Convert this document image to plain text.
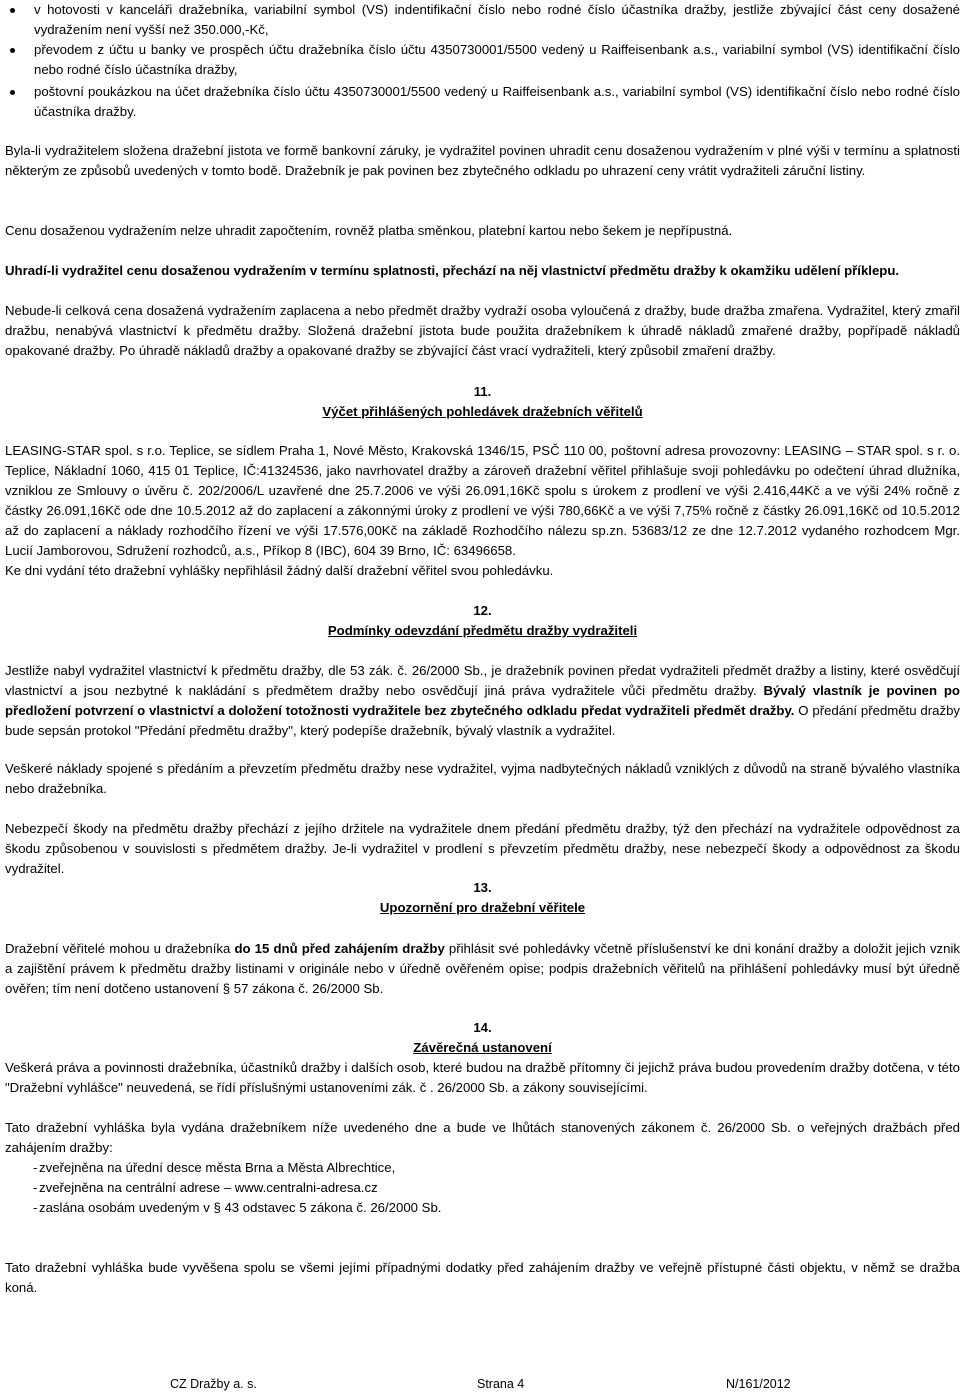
v hotovosti v kanceláři dražebníka, variabilní symbol (VS) indentifikační číslo nebo rodné číslo účastníka dražby, jestliže zbývající část ceny dosažené vydražením není vyšší než 350.000,-Kč,
převodem z účtu u banky ve prospěch účtu dražebníka číslo účtu 4350730001/5500 vedený u Raiffeisenbank a.s., variabilní symbol (VS) identifikační číslo nebo rodné číslo účastníka dražby,
poštovní poukázkou na účet dražebníka číslo účtu 4350730001/5500 vedený u Raiffeisenbank a.s., variabilní symbol (VS) identifikační číslo nebo rodné číslo účastníka dražby.

Byla-li vydražitelem složena dražební jistota ve formě bankovní záruky, je vydražitel povinen uhradit cenu dosaženou vydražením v plné výši v termínu a splatnosti některým ze způsobů uvedených v tomto bodě. Dražebník je pak povinen bez zbytečného odkladu po uhrazení ceny vrátit vydražiteli záruční listiny.

Cenu dosaženou vydražením nelze uhradit započtením, rovněž platba směnkou, platební kartou nebo šekem je nepřípustná.

Uhradí-li vydražitel cenu dosaženou vydražením v termínu splatnosti, přechází na něj vlastnictví předmětu dražby k okamžiku udělení příklepu.

Nebude-li celková cena dosažená vydražením zaplacena a nebo předmět dražby vydraží osoba vyloučená z dražby, bude dražba zmařena. Vydražitel, který zmařil dražbu, nenabývá vlastnictví k předmětu dražby. Složená dražební jistota bude použita dražebníkem k úhradě nákladů zmařené dražby, popřípadě nákladů opakované dražby. Po úhradě nákladů dražby a opakované dražby se zbývající část vrací vydražiteli, který způsobil zmaření dražby.

11.
Výčet přihlášených pohledávek dražebních věřitelů

LEASING-STAR spol. s r.o. Teplice, se sídlem Praha 1, Nové Město, Krakovská 1346/15, PSČ 110 00, poštovní adresa provozovny: LEASING – STAR spol. s r. o. Teplice, Nákladní 1060, 415 01 Teplice, IČ:41324536, jako navrhovatel dražby a zároveň dražební věřitel přihlašuje svoji pohledávku po odečtení úhrad dlužníka, vzniklou ze Smlouvy o úvěru č. 202/2006/L uzavřené dne 25.7.2006 ve výši 26.091,16Kč spolu s úrokem z prodlení ve výši 2.416,44Kč a ve výši 24% ročně z částky 26.091,16Kč ode dne 10.5.2012 až do zaplacení a zákonnými úroky z prodlení ve výši 780,66Kč a ve výši 7,75% ročně z částky 26.091,16Kč od 10.5.2012 až do zaplacení a náklady rozhodčího řízení ve výši 17.576,00Kč na základě Rozhodčího nálezu sp.zn. 53683/12 ze dne 12.7.2012 vydaného rozhodcem Mgr. Lucií Jamborovou, Sdružení rozhodců, a.s., Příkop 8 (IBC), 604 39 Brno, IČ: 63496658.

Ke dni vydání této dražební vyhlášky nepřihlásil žádný další dražební věřitel svou pohledávku.

12.
Podmínky odevzdání předmětu dražby vydražiteli

Jestliže nabyl vydražitel vlastnictví k předmětu dražby, dle 53 zák. č. 26/2000 Sb., je dražebník povinen předat vydražiteli předmět dražby a listiny, které osvědčují vlastnictví a jsou nezbytné k nakládání s předmětem dražby nebo osvědčují jiná práva vydražitele vůči předmětu dražby. Bývalý vlastník je povinen po předložení potvrzení o vlastnictví a doložení totožnosti vydražitele bez zbytečného odkladu předat vydražiteli předmět dražby. O předání předmětu dražby bude sepsán protokol "Předání předmětu dražby", který podepíše dražebník, bývalý vlastník a vydražitel.

Veškeré náklady spojené s předáním a převzetím předmětu dražby nese vydražitel, vyjma nadbytečných nákladů vzniklých z důvodů na straně bývalého vlastníka nebo dražebníka.

Nebezpečí škody na předmětu dražby přechází z jejího držitele na vydražitele dnem předání předmětu dražby, týž den přechází na vydražitele odpovědnost za škodu způsobenou v souvislosti s předmětem dražby. Je-li vydražitel v prodlení s převzetím předmětu dražby, nese nebezpečí škody a odpovědnost za škodu vydražitel.

13.
Upozornění pro dražební věřitele

Dražební věřitelé mohou u dražebníka do 15 dnů před zahájením dražby přihlásit své pohledávky včetně příslušenství ke dni konání dražby a doložit jejich vznik a zajištění právem k předmětu dražby listinami v originále nebo v úředně ověřeném opise; podpis dražebních věřitelů na přihlášení pohledávky musí být úředně ověřen; tím není dotčeno ustanovení § 57 zákona č. 26/2000 Sb.

14.
Závěrečná ustanovení

Veškerá práva a povinnosti dražebníka, účastníků dražby i dalších osob, které budou na dražbě přítomny či jejichž práva budou provedením dražby dotčena, v této "Dražební vyhlášce" neuvedená, se řídí příslušnými ustanoveními zák. č . 26/2000 Sb. a zákony souvisejícími.

Tato dražební vyhláška byla vydána dražebníkem níže uvedeného dne a bude ve lhůtách stanovených zákonem č. 26/2000 Sb. o veřejných dražbách před zahájením dražby:

- zveřejněna na úřední desce města Brna a Města Albrechtice,
- zveřejněna na centrální adrese – www.centralni-adresa.cz
- zaslána osobám uvedeným v § 43 odstavec 5 zákona č. 26/2000 Sb.

Tato dražební vyhláška bude vyvěšena spolu se všemi jejími případnými dodatky před zahájením dražby ve veřejně přístupné části objektu, v němž se dražba koná.

CZ Dražby a. s.	Strana 4	N/161/2012
